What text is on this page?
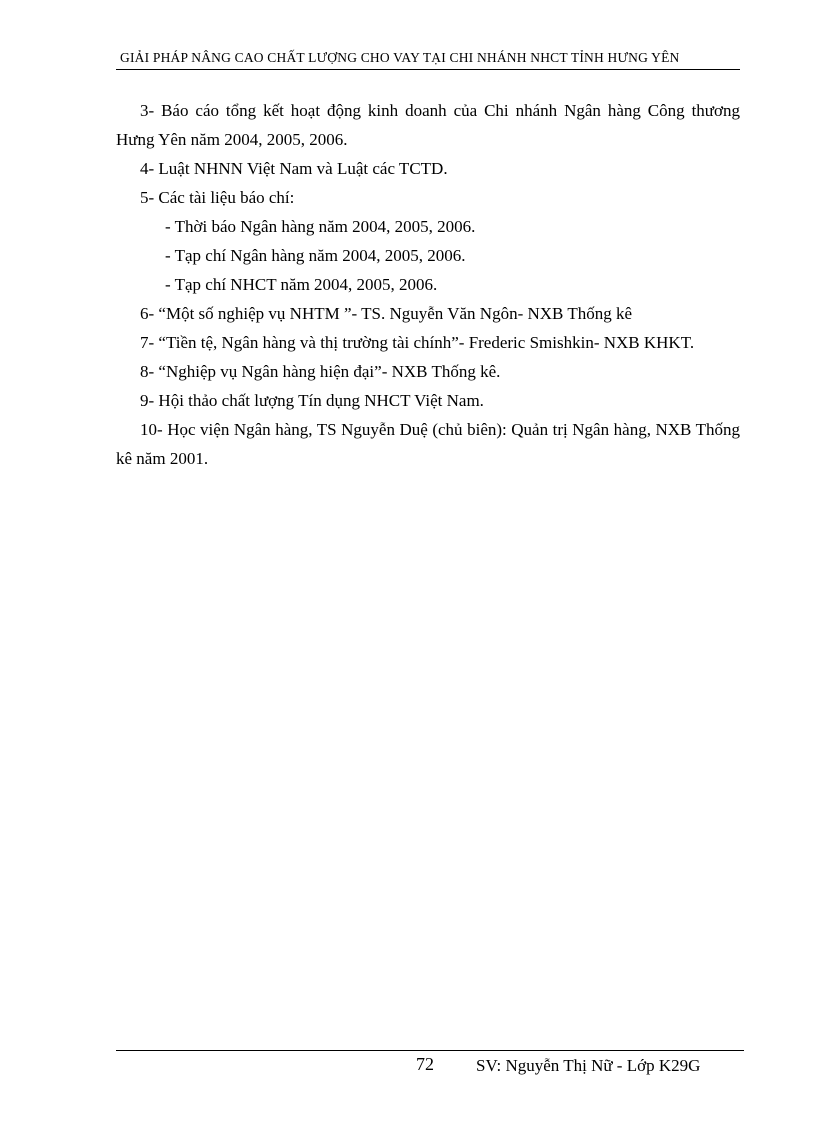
GIẢI PHÁP NÂNG CAO CHẤT LƯỢNG CHO VAY TẠI CHI NHÁNH NHCT TỈNH HƯNG YÊN

3- Báo cáo tổng kết hoạt động kinh doanh của Chi nhánh Ngân hàng Công thương Hưng Yên năm 2004, 2005, 2006.

4- Luật NHNN Việt Nam và Luật các TCTD.

5- Các tài liệu báo chí:

- Thời báo Ngân hàng năm 2004, 2005, 2006.

- Tạp chí Ngân hàng năm 2004, 2005, 2006.

- Tạp chí NHCT năm 2004, 2005, 2006.

6- “Một số nghiệp vụ NHTM ”- TS. Nguyễn Văn Ngôn- NXB Thống kê

7- “Tiền tệ, Ngân hàng và thị trường tài chính”- Frederic Smishkin- NXB KHKT.

8- “Nghiệp vụ Ngân hàng hiện đại”- NXB Thống kê.

9- Hội thảo chất lượng Tín dụng NHCT Việt Nam.

10- Học viện Ngân hàng, TS Nguyễn Duệ (chủ biên): Quản trị Ngân hàng, NXB Thống kê năm 2001.

72 SV: Nguyễn Thị Nữ - Lớp K29G
